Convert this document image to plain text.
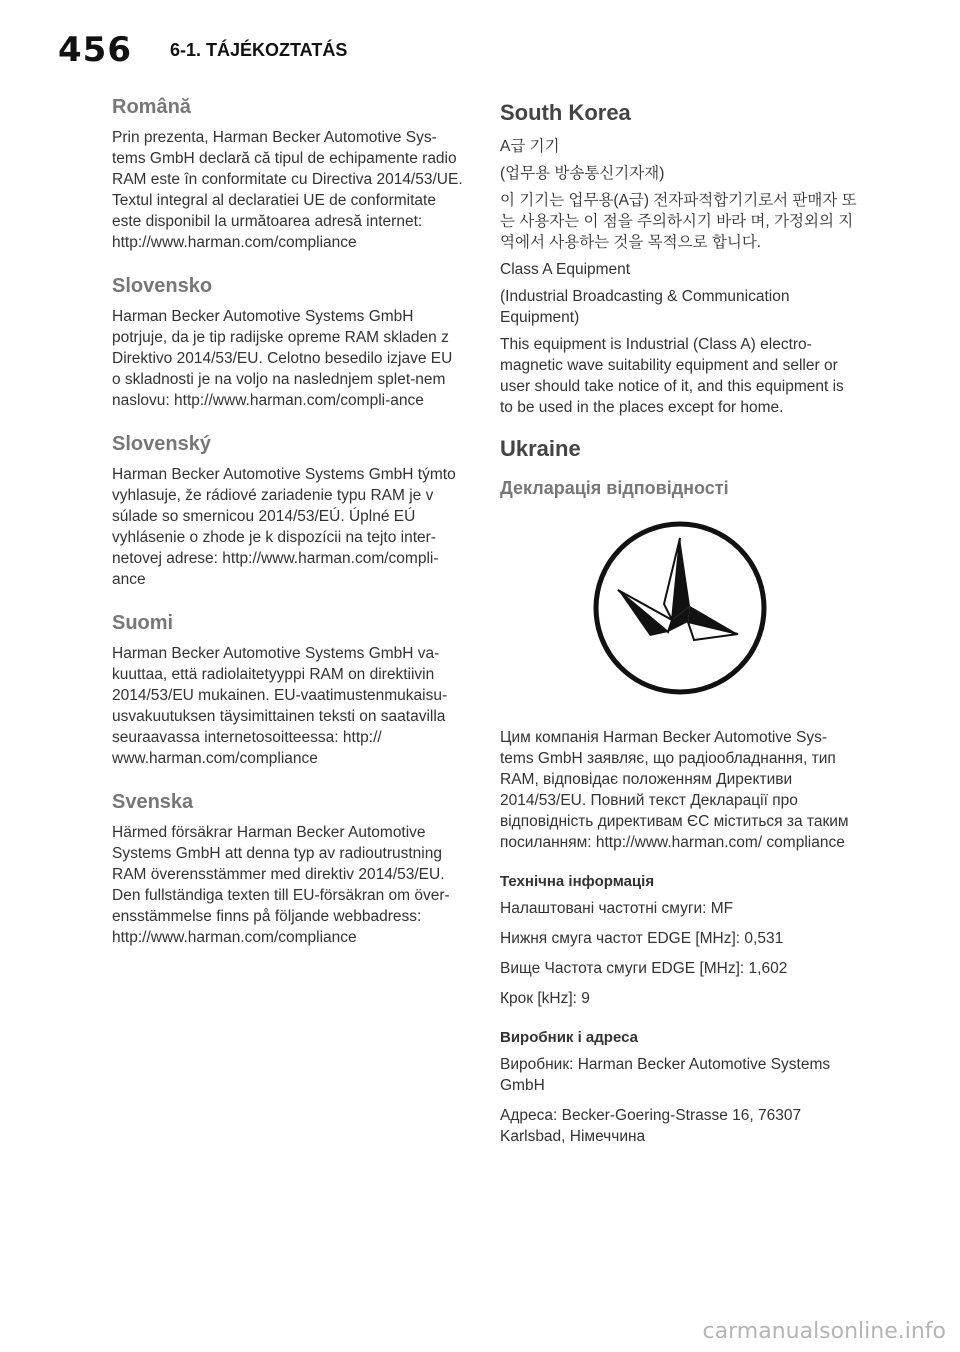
456 6-1. TÁJÉKOZTATÁS
Română

Prin prezenta, Harman Becker Automotive Sys-tems GmbH declară că tipul de echipamente radio RAM este în conformitate cu Directiva 2014/53/UE. Textul integral al declaratiei UE de conformitate este disponibil la următoarea adresă internet: http://www.harman.com/compliance

Slovensko

Harman Becker Automotive Systems GmbH potrjuje, da je tip radijske opreme RAM skladen z Direktivo 2014/53/EU. Celotno besedilo izjave EU o skladnosti je na voljo na naslednjem splet-nem naslovu: http://www.harman.com/compli-ance

Slovenský

Harman Becker Automotive Systems GmbH týmto vyhlasuje, že rádiové zariadenie typu RAM je v súlade so smernicou 2014/53/EÚ. Úplné EÚ vyhlásenie o zhode je k dispozícii na tejto inter-netovej adrese: http://www.harman.com/compli-ance

Suomi

Harman Becker Automotive Systems GmbH va-kuuttaa, että radiolaitetyyppi RAM on direktiivin 2014/53/EU mukainen. EU-vaatimustenmukaisu-usvakuutuksen täysimittainen teksti on saatavilla seuraavassa internetosoitteessa: http:// www.harman.com/compliance

Svenska

Härmed försäkrar Harman Becker Automotive Systems GmbH att denna typ av radioutrustning RAM överensstämmer med direktiv 2014/53/EU. Den fullständiga texten till EU-försäkran om över-ensstämmelse finns på följande webbadress: http://www.harman.com/compliance

South Korea

A급 기기

(업무용 방송통신기자재)

이 기기는 업무용(A급) 전자파적합기기로서 판매자 또는 사용자는 이 점을 주의하시기 바라 며, 가정외의 지역에서 사용하는 것을 목적으로 합니다.

Class A Equipment

(Industrial Broadcasting & Communication Equipment)

This equipment is Industrial (Class A) electro-magnetic wave suitability equipment and seller or user should take notice of it, and this equipment is to be used in the places except for home.

Ukraine
Декларація відповідності

Цим компанія Harman Becker Automotive Sys-tems GmbH заявляє, що радіообладнання, тип RAM, відповідає положенням Директиви 2014/53/EU. Повний текст Декларації про відповідність директивам ЄС міститься за таким посиланням: http://www.harman.com/ compliance

Технічна інформація

Налаштовані частотні смуги: MF

Нижня смуга частот EDGE [MHz]: 0,531

Вище Частота смуги EDGE [MHz]: 1,602

Крок [kHz]: 9

Виробник і адреса

Виробник: Harman Becker Automotive Systems GmbH

Адреса: Becker-Goering-Strasse 16, 76307 Karlsbad, Німеччина

carmanualsonline.info
